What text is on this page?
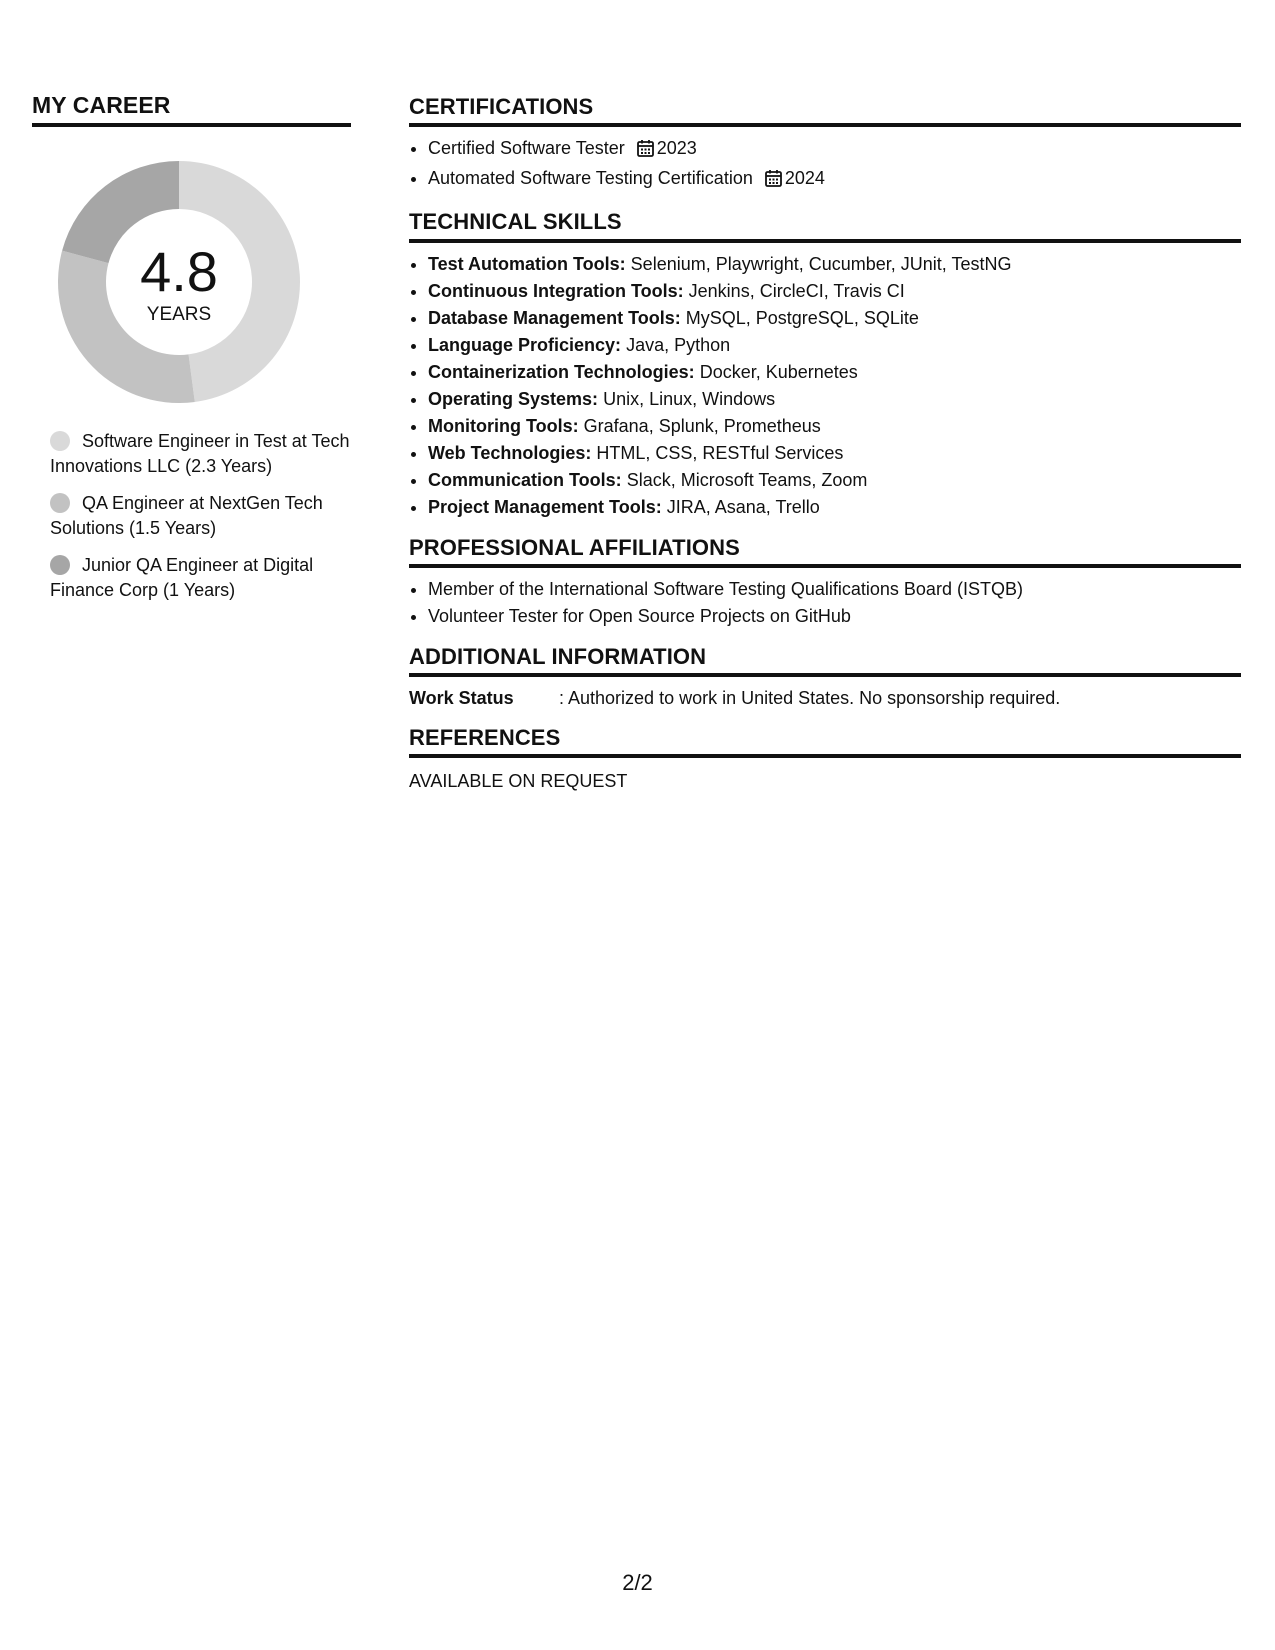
MY CAREER
4.8
YEARS
Software Engineer in Test at Tech Innovations LLC (2.3 Years)
QA Engineer at NextGen Tech Solutions (1.5 Years)
Junior QA Engineer at Digital Finance Corp (1 Years)
CERTIFICATIONS
• Certified Software Tester 2023
• Automated Software Testing Certification 2024
TECHNICAL SKILLS
• Test Automation Tools: Selenium, Playwright, Cucumber, JUnit, TestNG
• Continuous Integration Tools: Jenkins, CircleCI, Travis CI
• Database Management Tools: MySQL, PostgreSQL, SQLite
• Language Proficiency: Java, Python
• Containerization Technologies: Docker, Kubernetes
• Operating Systems: Unix, Linux, Windows
• Monitoring Tools: Grafana, Splunk, Prometheus
• Web Technologies: HTML, CSS, RESTful Services
• Communication Tools: Slack, Microsoft Teams, Zoom
• Project Management Tools: JIRA, Asana, Trello
PROFESSIONAL AFFILIATIONS
• Member of the International Software Testing Qualifications Board (ISTQB)
• Volunteer Tester for Open Source Projects on GitHub
ADDITIONAL INFORMATION
Work Status	: Authorized to work in United States. No sponsorship required.
REFERENCES
AVAILABLE ON REQUEST
2/2
